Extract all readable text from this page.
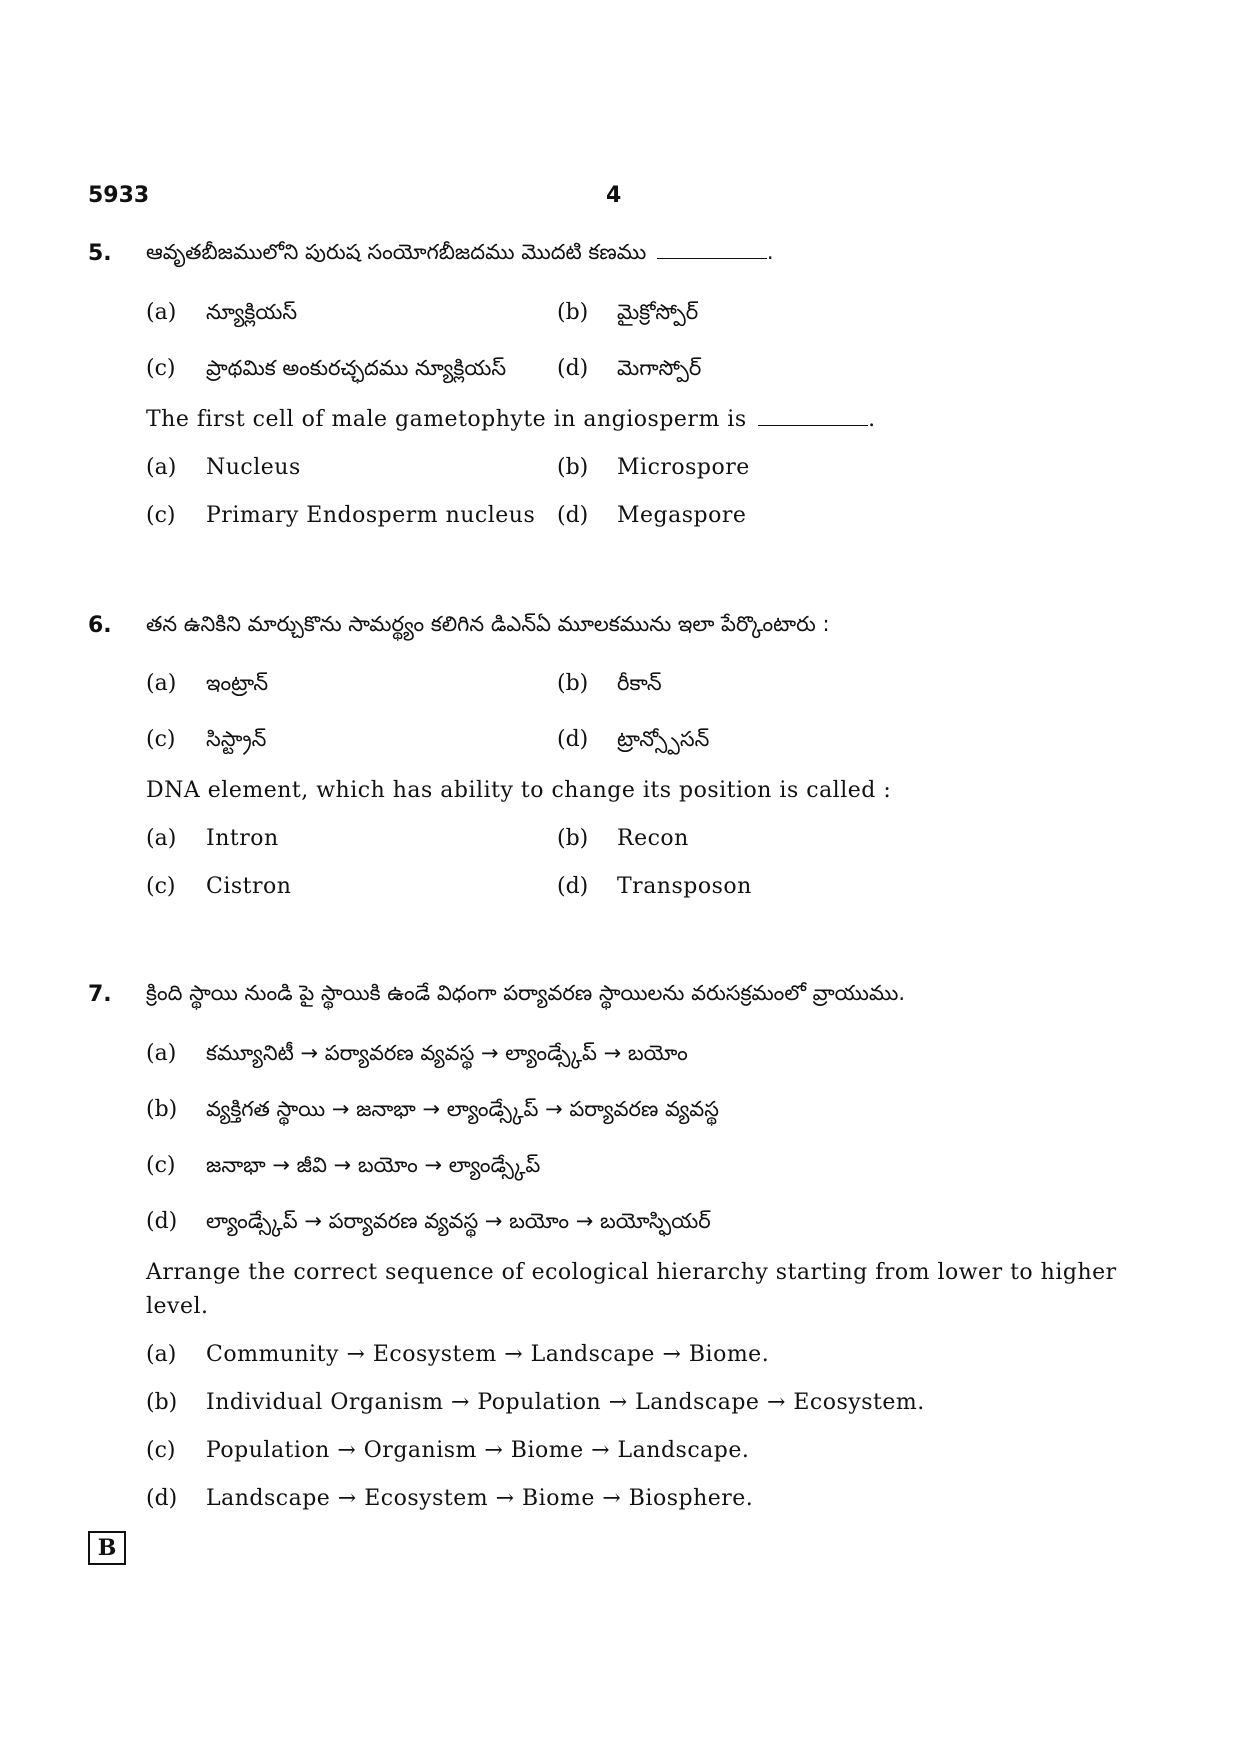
5933	4
5. ఆవృతబీజములోని పురుష సంయోగబీజదము మొదటి కణము	.
(a) న్యూక్లియస్	(b) మైక్రోస్పోర్
(c) ప్రాథమిక అంకురచ్ఛదము న్యూక్లియస్ (d) మెగాస్పోర్
The first cell of male gametophyte in angiosperm is	.
(a) Nucleus	(b) Microspore
(c) Primary Endosperm nucleus (d) Megaspore
6. తన ఉనికిని మార్చుకొను సామర్థ్యం కలిగిన డిఎన్ఏ మూలకమును ఇలా పేర్కొంటారు :
(a) ఇంట్రాన్	(b) రీకాన్
(c) సిస్ట్రాన్	(d) ట్రాన్స్పోసన్
DNA element, which has ability to change its position is called :
(a) Intron	(b) Recon
(c) Cistron	(d) Transposon
7. క్రింది స్థాయి నుండి పై స్థాయికి ఉండే విధంగా పర్యావరణ స్థాయిలను వరుసక్రమంలో వ్రాయుము.
(a) కమ్యూనిటీ → పర్యావరణ వ్యవస్థ → ల్యాండ్స్కేప్ → బయోం
(b) వ్యక్తిగత స్థాయి → జనాభా → ల్యాండ్స్కేప్ → పర్యావరణ వ్యవస్థ
(c) జనాభా → జీవి → బయోం → ల్యాండ్స్కేప్
(d) ల్యాండ్స్కేప్ → పర్యావరణ వ్యవస్థ → బయోం → బయోస్ఫియర్
Arrange the correct sequence of ecological hierarchy starting from lower to higher
level.
(a) Community → Ecosystem → Landscape → Biome.
(b) Individual Organism → Population → Landscape → Ecosystem.
(c) Population → Organism → Biome → Landscape.
(d) Landscape → Ecosystem → Biome → Biosphere.
B
